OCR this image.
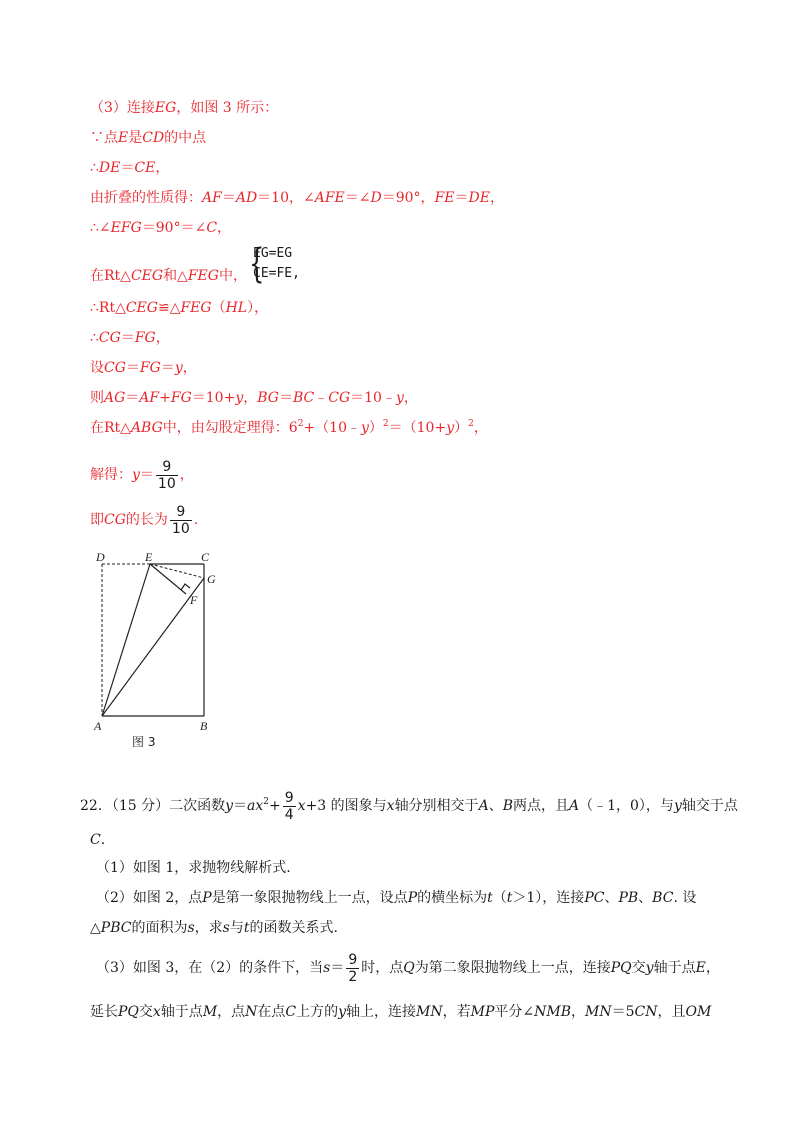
（3）连接EG，如图 3 所示：
∵点E是CD的中点
∴DE＝CE，
由折叠的性质得：AF＝AD＝10，∠AFE＝∠D＝90°，FE＝DE，
∴∠EFG＝90°＝∠C，
在Rt△CEG和△FEG中， {
EG=EG
CE=FE,
∴Rt△CEG≌△FEG（HL），
∴CG＝FG，
设CG＝FG＝y，
则AG＝AF+FG＝10+y，BG＝BC﹣CG＝10﹣y，
在Rt△ABG中，由勾股定理得：$6^2+(10﹣y)^2=(10+y)^2$，
解得：$y= \frac{9}{10}$ ，
即CG的长为 $\frac{9}{10}$ .
D	E	C
G
F
A	B
图 3
22．（15 分）二次函数$y=ax^2+ \frac{9}{4} x+3$ 的图象与x轴分别相交于A、B两点，且A（﹣1，0），与y轴交于点
C.
（1）如图 1，求抛物线解析式.
（2）如图 2，点P是第一象限抛物线上一点，设点P的横坐标为t（t＞1），连接PC、PB、BC. 设
△PBC的面积为s，求s与t的函数关系式.
（3）如图 3，在（2）的条件下，当$s= \frac{9}{2}$ 时，点Q为第二象限抛物线上一点，连接PQ交y轴于点E，
延长PQ交x轴于点M，点N在点C上方的y轴上，连接MN，若MP平分∠NMB，MN＝5CN，且OM
